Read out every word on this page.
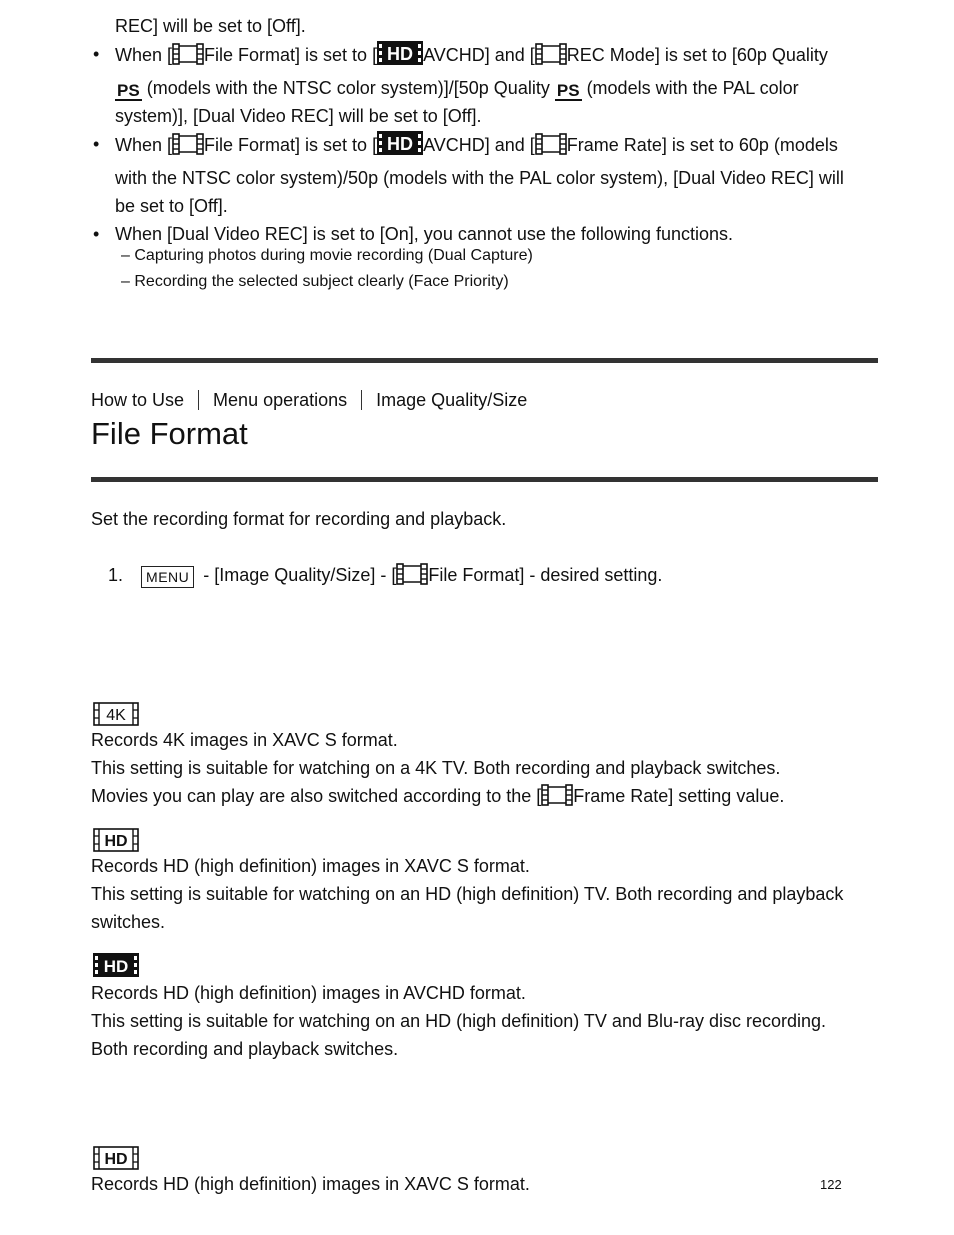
REC] will be set to [Off].
• When [ File Format] is set to [ HD AVCHD] and [ REC Mode] is set to [60p Quality
PS (models with the NTSC color system)]/[50p Quality PS (models with the PAL color
system)], [Dual Video REC] will be set to [Off].
• When [ File Format] is set to [ HD AVCHD] and [ Frame Rate] is set to 60p (models
with the NTSC color system)/50p (models with the PAL color system), [Dual Video REC] will
be set to [Off].
• When [Dual Video REC] is set to [On], you cannot use the following functions.
– Capturing photos during movie recording (Dual Capture)
– Recording the selected subject clearly (Face Priority)
How to Use Menu operations Image Quality/Size
File Format
Set the recording format for recording and playback.
1. MENU - [Image Quality/Size] - [ File Format] - desired setting.
4K
Records 4K images in XAVC S format.
This setting is suitable for watching on a 4K TV. Both recording and playback switches.
Movies you can play are also switched according to the [ Frame Rate] setting value.
HD
Records HD (high definition) images in XAVC S format.
This setting is suitable for watching on an HD (high definition) TV. Both recording and playback
switches.
HD
Records HD (high definition) images in AVCHD format.
This setting is suitable for watching on an HD (high definition) TV and Blu-ray disc recording.
Both recording and playback switches.
HD
Records HD (high definition) images in XAVC S format.	122
